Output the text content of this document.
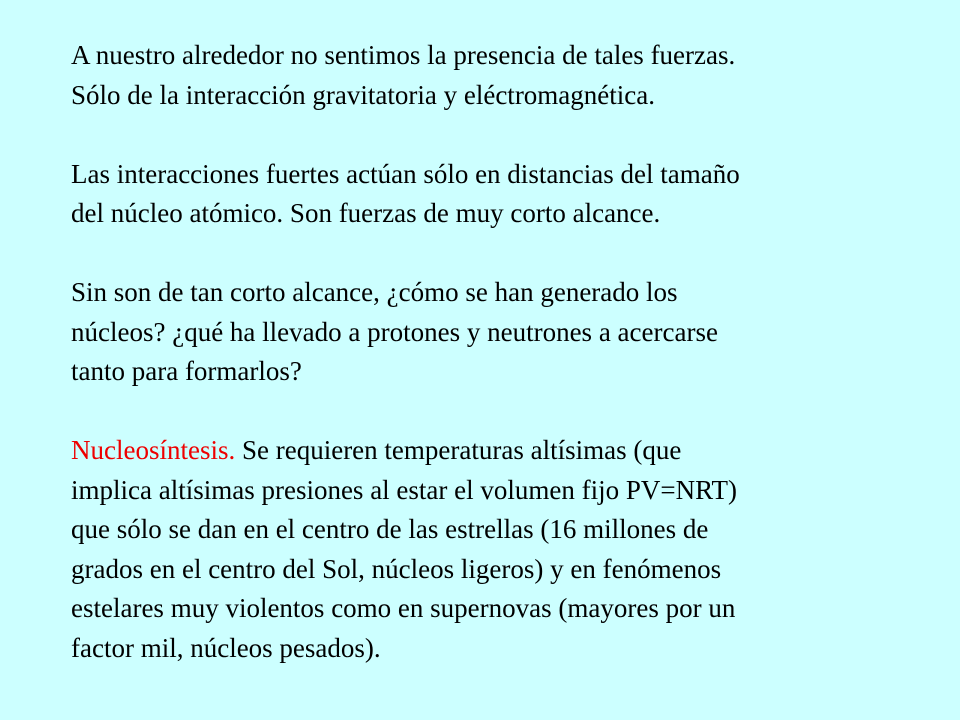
A nuestro alrededor no sentimos la presencia de tales fuerzas.
Sólo de la interacción gravitatoria y eléctromagnética.

Las interacciones fuertes actúan sólo en distancias del tamaño
del núcleo atómico. Son fuerzas de muy corto alcance.

Sin son de tan corto alcance, ¿cómo se han generado los
núcleos? ¿qué ha llevado a protones y neutrones a acercarse
tanto para formarlos?

Nucleosíntesis. Se requieren temperaturas altísimas (que
implica altísimas presiones al estar el volumen fijo PV=NRT)
que sólo se dan en el centro de las estrellas (16 millones de
grados en el centro del Sol, núcleos ligeros) y en fenómenos
estelares muy violentos como en supernovas (mayores por un
factor mil, núcleos pesados).
